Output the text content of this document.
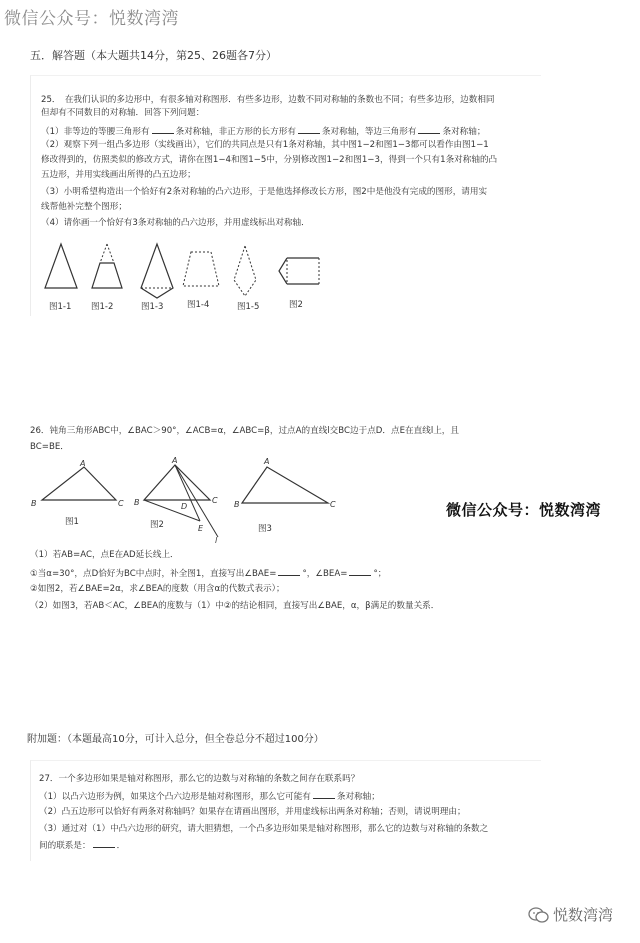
微信公众号：悦数湾湾
五．解答题（本大题共14分，第25、26题各7分）
25．　在我们认识的多边形中，有很多轴对称图形．有些多边形，边数不同对称轴的条数也不同；有些多边形，边数相同
但却有不同数目的对称轴．回答下列问题：
（1）非等边的等腰三角形有	条对称轴，非正方形的长方形有	条对称轴，等边三角形有	条对称轴；
（2）观察下列一组凸多边形（实线画出），它们的共同点是只有1条对称轴，其中图1−2和图1−3都可以看作由图1−1
修改得到的，仿照类似的修改方式，请你在图1−4和图1−5中，分别修改图1−2和图1−3，得到一个只有1条对称轴的凸
五边形，并用实线画出所得的凸五边形；
（3）小明希望构造出一个恰好有2条对称轴的凸六边形，于是他选择修改长方形，图2中是他没有完成的图形，请用实
线帮他补完整个图形；
（4）请你画一个恰好有3条对称轴的凸六边形，并用虚线标出对称轴．
图1-1 图1-2	图1-3	图1-4	图1-5	图2
26．钝角三角形ABC中，∠BAC＞90°，∠ACB=α，∠ABC=β，过点A的直线l交BC边于点D．点E在直线l上，且
BC=BE．
A
B	C
A
B	C
D
E
l
A
B	C
图1	图2	图3
微信公众号：悦数湾湾
（1）若AB=AC，点E在AD延长线上．
①当α=30°，点D恰好为BC中点时，补全图1，直接写出∠BAE=	°，∠BEA=	°；
②如图2，若∠BAE=2α，求∠BEA的度数（用含α的代数式表示）；
（2）如图3，若AB＜AC，∠BEA的度数与（1）中②的结论相同，直接写出∠BAE，α，β满足的数量关系．
附加题：（本题最高10分，可计入总分，但全卷总分不超过100分）
27．一个多边形如果是轴对称图形，那么它的边数与对称轴的条数之间存在联系吗？
（1）以凸六边形为例，如果这个凸六边形是轴对称图形，那么它可能有	条对称轴；
（2）凸五边形可以恰好有两条对称轴吗？如果存在请画出图形，并用虚线标出两条对称轴；否则，请说明理由；
（3）通过对（1）中凸六边形的研究，请大胆猜想，一个凸多边形如果是轴对称图形，那么它的边数与对称轴的条数之
间的联系是：	．
悦数湾湾
